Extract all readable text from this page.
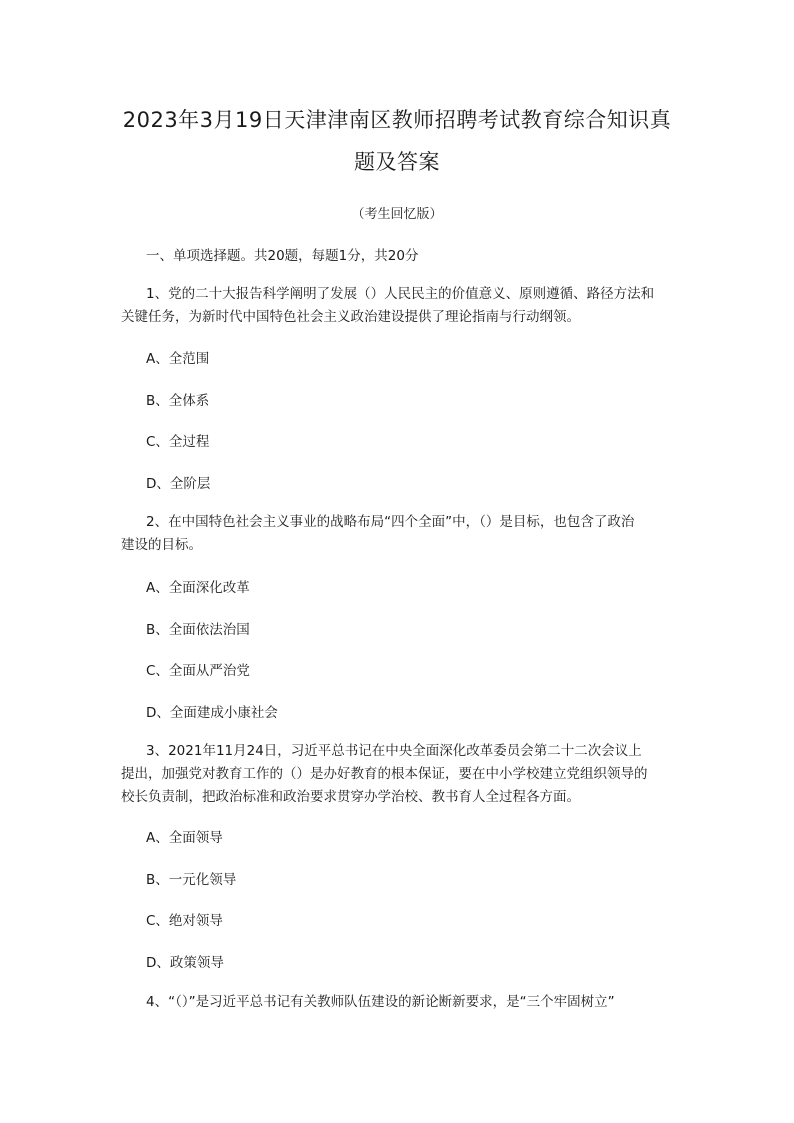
2023年3月19日天津津南区教师招聘考试教育综合知识真
题及答案
（考生回忆版）
一、单项选择题。共20题，每题1分，共20分
1、党的二十大报告科学阐明了发展（）人民民主的价值意义、原则遵循、路径方法和
关键任务，为新时代中国特色社会主义政治建设提供了理论指南与行动纲领。
A、全范围
B、全体系
C、全过程
D、全阶层
2、在中国特色社会主义事业的战略布局“四个全面”中，（）是目标，也包含了政治
建设的目标。
A、全面深化改革
B、全面依法治国
C、全面从严治党
D、全面建成小康社会
3、2021年11月24日，习近平总书记在中央全面深化改革委员会第二十二次会议上
提出，加强党对教育工作的（）是办好教育的根本保证，要在中小学校建立党组织领导的
校长负责制，把政治标准和政治要求贯穿办学治校、教书育人全过程各方面。
A、全面领导
B、一元化领导
C、绝对领导
D、政策领导
4、“（）”是习近平总书记有关教师队伍建设的新论断新要求，是“三个牢固树立”
